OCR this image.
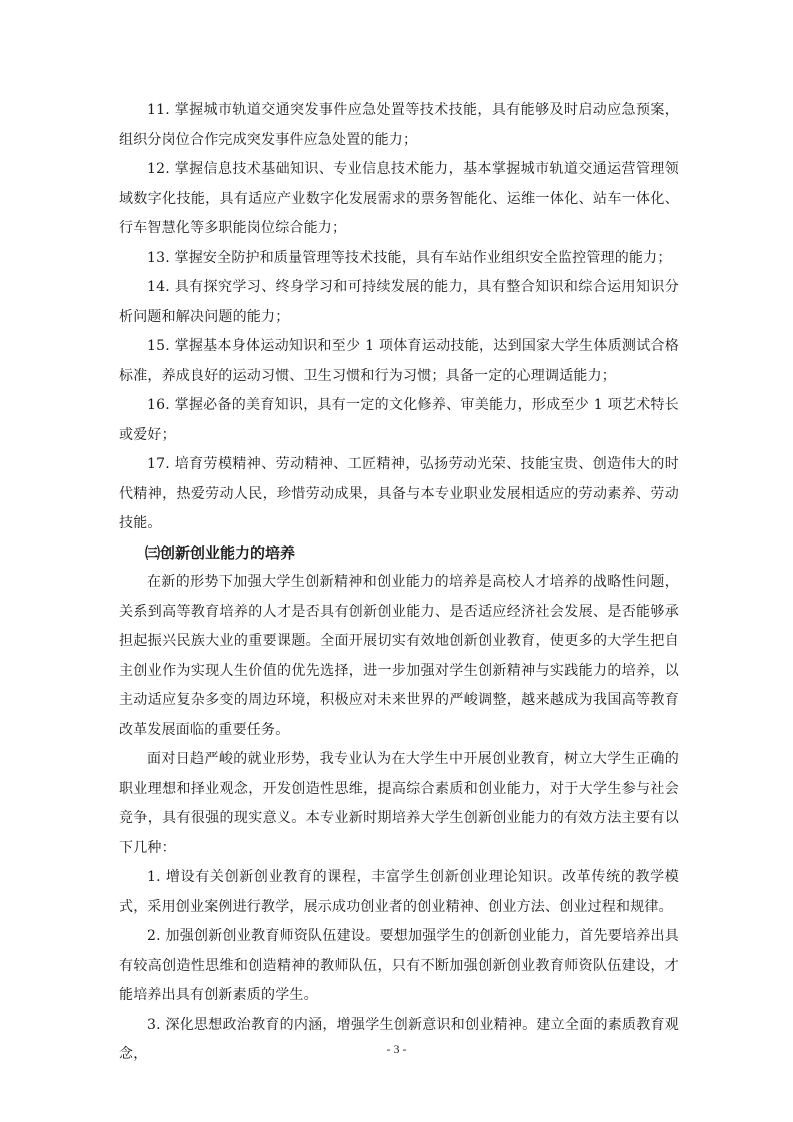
11. 掌握城市轨道交通突发事件应急处置等技术技能，具有能够及时启动应急预案，组织分岗位合作完成突发事件应急处置的能力；

12. 掌握信息技术基础知识、专业信息技术能力，基本掌握城市轨道交通运营管理领域数字化技能，具有适应产业数字化发展需求的票务智能化、运维一体化、站车一体化、行车智慧化等多职能岗位综合能力；

13. 掌握安全防护和质量管理等技术技能，具有车站作业组织安全监控管理的能力；

14. 具有探究学习、终身学习和可持续发展的能力，具有整合知识和综合运用知识分析问题和解决问题的能力；

15. 掌握基本身体运动知识和至少 1 项体育运动技能，达到国家大学生体质测试合格标准，养成良好的运动习惯、卫生习惯和行为习惯；具备一定的心理调适能力；

16. 掌握必备的美育知识，具有一定的文化修养、审美能力，形成至少 1 项艺术特长或爱好；

17. 培育劳模精神、劳动精神、工匠精神，弘扬劳动光荣、技能宝贵、创造伟大的时代精神，热爱劳动人民，珍惜劳动成果，具备与本专业职业发展相适应的劳动素养、劳动技能。

㈢创新创业能力的培养

在新的形势下加强大学生创新精神和创业能力的培养是高校人才培养的战略性问题，关系到高等教育培养的人才是否具有创新创业能力、是否适应经济社会发展、是否能够承担起振兴民族大业的重要课题。全面开展切实有效地创新创业教育，使更多的大学生把自主创业作为实现人生价值的优先选择，进一步加强对学生创新精神与实践能力的培养，以主动适应复杂多变的周边环境，积极应对未来世界的严峻调整，越来越成为我国高等教育改革发展面临的重要任务。

面对日趋严峻的就业形势，我专业认为在大学生中开展创业教育，树立大学生正确的职业理想和择业观念，开发创造性思维，提高综合素质和创业能力，对于大学生参与社会竞争，具有很强的现实意义。本专业新时期培养大学生创新创业能力的有效方法主要有以下几种：

1. 增设有关创新创业教育的课程，丰富学生创新创业理论知识。改革传统的教学模式，采用创业案例进行教学，展示成功创业者的创业精神、创业方法、创业过程和规律。

2. 加强创新创业教育师资队伍建设。要想加强学生的创新创业能力，首先要培养出具有较高创造性思维和创造精神的教师队伍，只有不断加强创新创业教育师资队伍建设，才能培养出具有创新素质的学生。

3. 深化思想政治教育的内涵，增强学生创新意识和创业精神。建立全面的素质教育观念，	- 3 -
